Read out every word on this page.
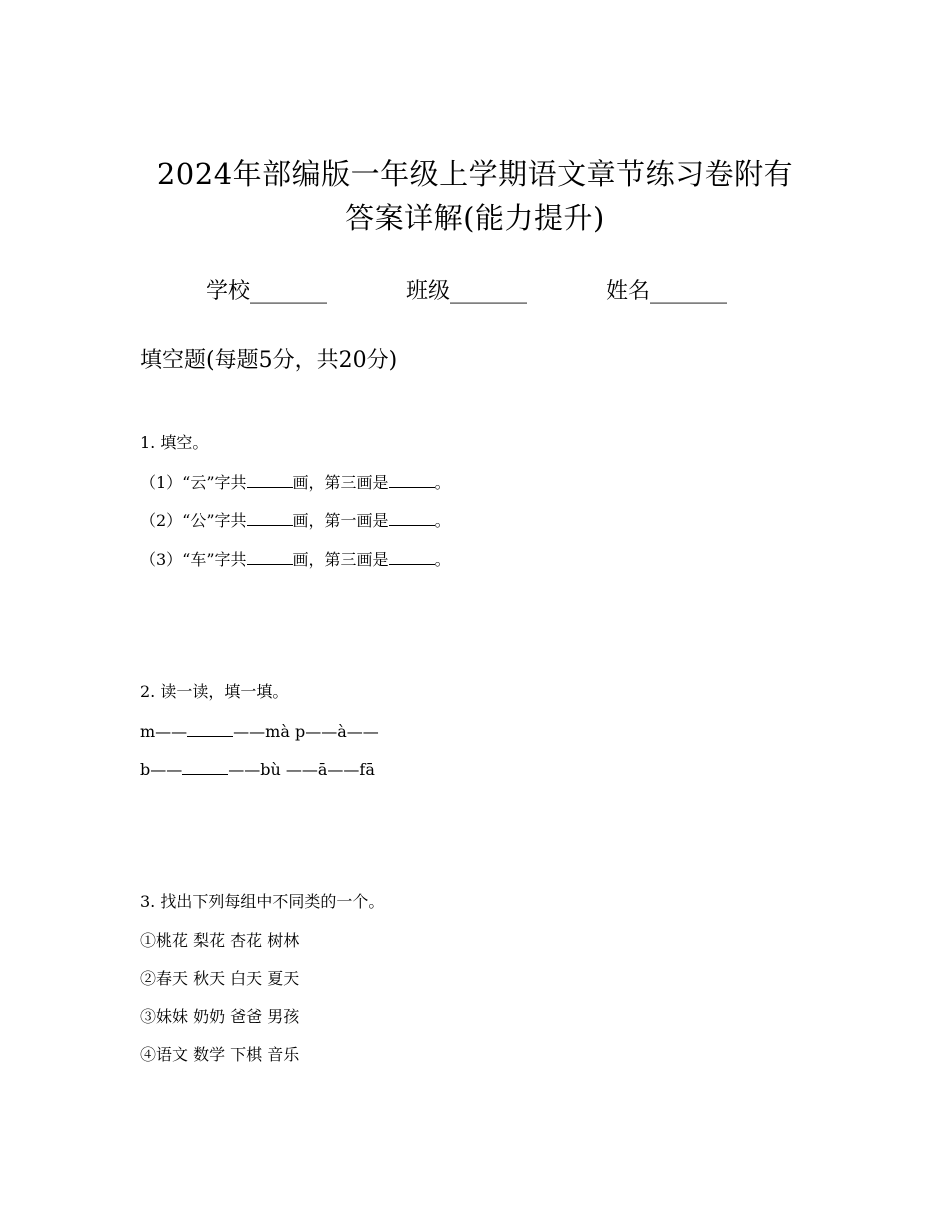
2024年部编版一年级上学期语文章节练习卷附有
答案详解(能力提升)
学校_______	班级_______	姓名_______
填空题(每题5分，共20分)
1. 填空。
（1）“云”字共	画，第三画是	。
（2）“公”字共	画，第一画是	。
（3）“车”字共	画，第三画是	。
2. 读一读，填一填。
m——	——mà p——à——
b——	——bù ——ā——fā
3. 找出下列每组中不同类的一个。
①桃花 梨花 杏花 树林
②春天 秋天 白天 夏天
③妹妹 奶奶 爸爸 男孩
④语文 数学 下棋 音乐
